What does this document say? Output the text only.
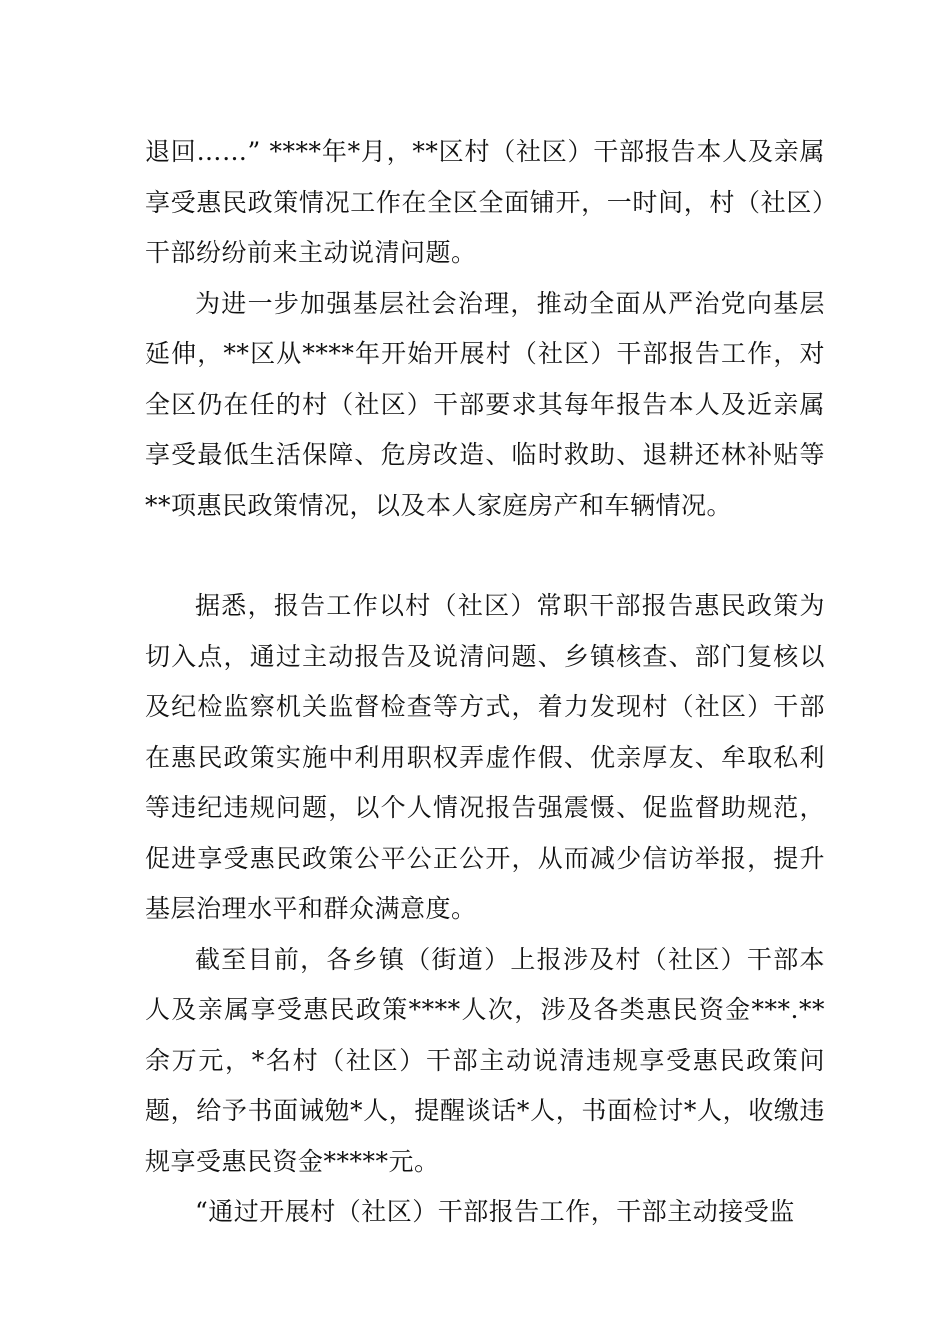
退回……” ****年*月，**区村（社区）干部报告本人及亲属享受惠民政策情况工作在全区全面铺开，一时间，村（社区）干部纷纷前来主动说清问题。

为进一步加强基层社会治理，推动全面从严治党向基层延伸，**区从****年开始开展村（社区）干部报告工作，对全区仍在任的村（社区）干部要求其每年报告本人及近亲属享受最低生活保障、危房改造、临时救助、退耕还林补贴等**项惠民政策情况，以及本人家庭房产和车辆情况。

据悉，报告工作以村（社区）常职干部报告惠民政策为切入点，通过主动报告及说清问题、乡镇核查、部门复核以及纪检监察机关监督检查等方式，着力发现村（社区）干部在惠民政策实施中利用职权弄虚作假、优亲厚友、牟取私利等违纪违规问题，以个人情况报告强震慑、促监督助规范，促进享受惠民政策公平公正公开，从而减少信访举报，提升基层治理水平和群众满意度。

截至目前，各乡镇（街道）上报涉及村（社区）干部本人及亲属享受惠民政策****人次，涉及各类惠民资金***.**余万元，*名村（社区）干部主动说清违规享受惠民政策问题，给予书面诫勉*人，提醒谈话*人，书面检讨*人，收缴违规享受惠民资金*****元。

“通过开展村（社区）干部报告工作，干部主动接受监
